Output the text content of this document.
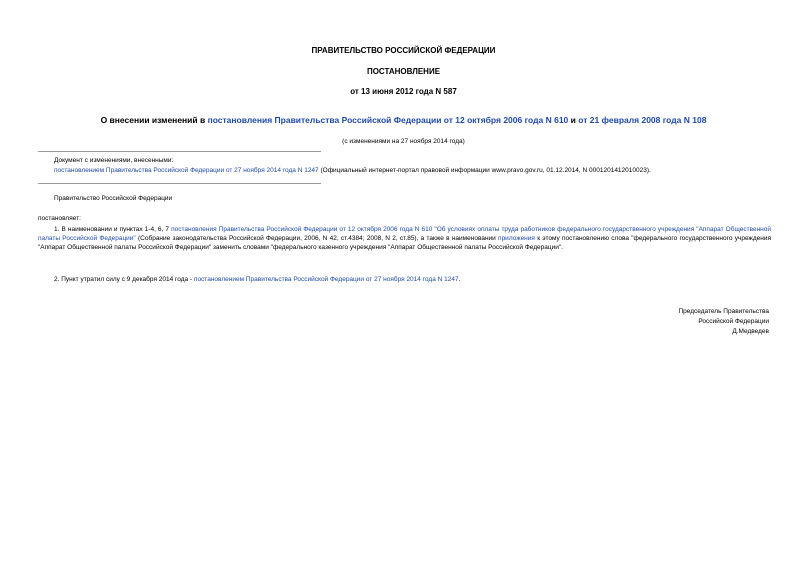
ПРАВИТЕЛЬСТВО РОССИЙСКОЙ ФЕДЕРАЦИИ
ПОСТАНОВЛЕНИЕ
от 13 июня 2012 года N 587
О внесении изменений в постановления Правительства Российской Федерации от 12 октября 2006 года N 610 и от 21 февраля 2008 года N 108
(с изменениями на 27 ноября 2014 года)
Документ с изменениями, внесенными:
постановлением Правительства Российской Федерации от 27 ноября 2014 года N 1247 (Официальный интернет-портал правовой информации www.pravo.gov.ru, 01.12.2014, N 0001201412010023).
Правительство Российской Федерации
постановляет:
1. В наименовании и пунктах 1-4, 6, 7 постановления Правительства Российской Федерации от 12 октября 2006 года N 610 "Об условиях оплаты труда работников федерального государственного учреждения "Аппарат Общественной палаты Российской Федерации" (Собрание законодательства Российской Федерации, 2006, N 42, ст.4384; 2008, N 2, ст.85), а также в наименовании приложения к этому постановлению слова "федерального государственного учреждения "Аппарат Общественной палаты Российской Федерации" заменить словами "федерального казенного учреждения "Аппарат Общественной палаты Российской Федерации".
2. Пункт утратил силу с 9 декабря 2014 года - постановлением Правительства Российской Федерации от 27 ноября 2014 года N 1247.
Председатель Правительства
Российской Федерации
Д.Медведев
